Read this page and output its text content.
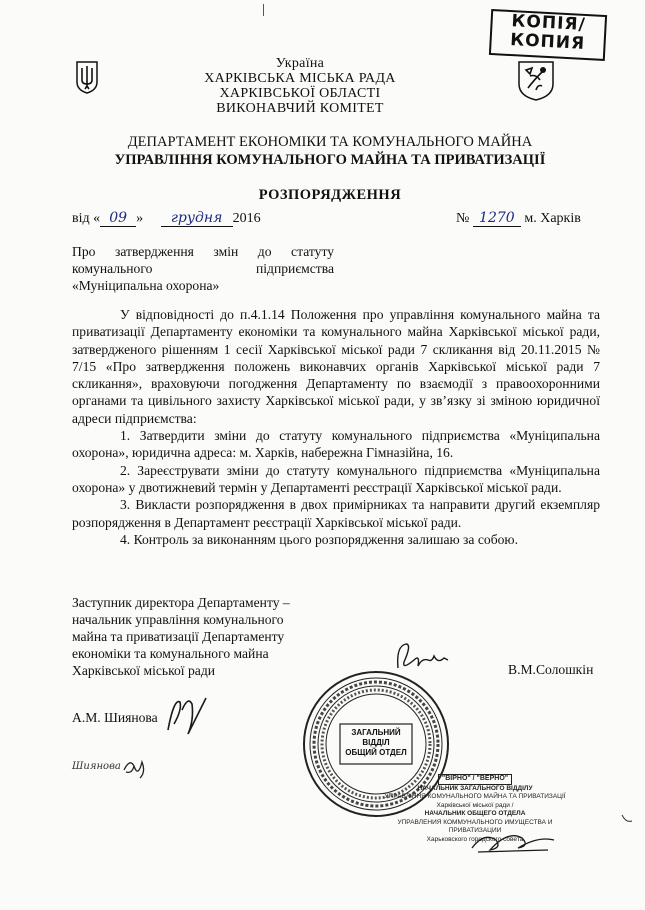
КОПІЯ/
КОПИЯ
Україна
ХАРКІВСЬКА МІСЬКА РАДА
ХАРКІВСЬКОЇ ОБЛАСТІ
ВИКОНАВЧИЙ КОМІТЕТ
ДЕПАРТАМЕНТ ЕКОНОМІКИ ТА КОМУНАЛЬНОГО МАЙНА
УПРАВЛІННЯ КОМУНАЛЬНОГО МАЙНА ТА ПРИВАТИЗАЦІЇ
РОЗПОРЯДЖЕННЯ
від « 09 » грудня 2016	№ 1270 м. Харків
Про затвердження змін до статуту
комунального	підприємства
«Муніципальна охорона»

У відповідності до п.4.1.14 Положення про управління комунального майна та приватизації Департаменту економіки та комунального майна Харківської міської ради, затвердженого рішенням 1 сесії Харківської міської ради 7 скликання від 20.11.2015 № 7/15 «Про затвердження положень виконавчих органів Харківської міської ради 7 скликання», враховуючи погодження Департаменту по взаємодії з правоохоронними органами та цивільного захисту Харківської міської ради, у зв’язку зі зміною юридичної адреси підприємства:

1. Затвердити зміни до статуту комунального підприємства «Муніципальна охорона», юридична адреса: м. Харків, набережна Гімназійна, 16.

2. Зареєструвати зміни до статуту комунального підприємства «Муніципальна охорона» у двотижневий термін у Департаменті реєстрації Харківської міської ради.

3. Викласти розпорядження в двох примірниках та направити другий екземпляр розпорядження в Департамент реєстрації Харківської міської ради.

4. Контроль за виконанням цього розпорядження залишаю за собою.

Заступник директора Департаменту –
начальник управління комунального
майна та приватизації Департаменту
економіки та комунального майна
Харківської міської ради	В.М.Солошкін
А.М. Шиянова
Шиянова
ЗАГАЛЬНИЙ
ВІДДІЛ
ОБЩИЙ ОТДЕЛ
"ВІРНО" / "ВЕРНО"
НАЧАЛЬНИК ЗАГАЛЬНОГО ВІДДІЛУ
УПРАВЛІННЯ КОМУНАЛЬНОГО МАЙНА ТА ПРИВАТИЗАЦІЇ
Харківської міської ради /
НАЧАЛЬНИК ОБЩЕГО ОТДЕЛА
УПРАВЛЕНИЯ КОММУНАЛЬНОГО ИМУЩЕСТВА И ПРИВАТИЗАЦИИ
Харьковского городского совета
